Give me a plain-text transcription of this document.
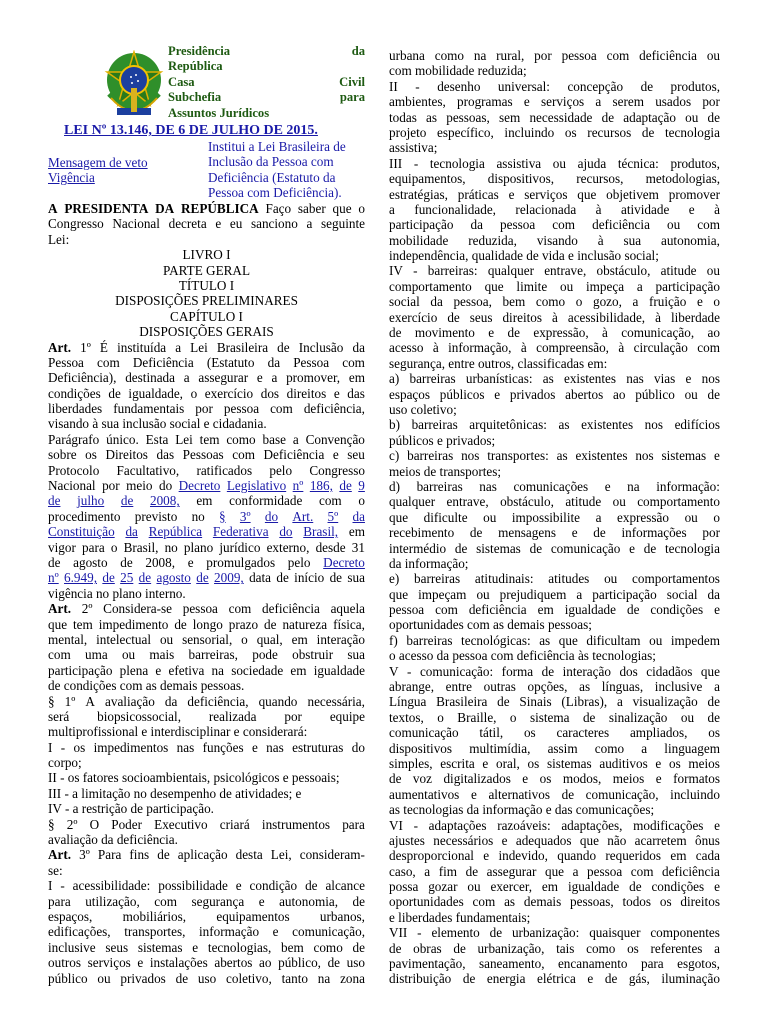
Presidência	da
República
Casa	Civil
Subchefia	para
Assuntos Jurídicos
LEI Nº 13.146, DE 6 DE JULHO DE 2015.
Institui a Lei Brasileira de
Inclusão da Pessoa com
Deficiência (Estatuto da
Pessoa com Deficiência).
Mensagem de veto
Vigência
A PRESIDENTA DA REPÚBLICA Faço saber que o
Congresso Nacional decreta e eu sanciono a seguinte
Lei:
LIVRO I
PARTE GERAL
TÍTULO I
DISPOSIÇÕES PRELIMINARES
CAPÍTULO I
DISPOSIÇÕES GERAIS
Art. 1º É instituída a Lei Brasileira de Inclusão da
Pessoa com Deficiência (Estatuto da Pessoa com
Deficiência), destinada a assegurar e a promover, em
condições de igualdade, o exercício dos direitos e das
liberdades fundamentais por pessoa com deficiência,
visando à sua inclusão social e cidadania.
Parágrafo único. Esta Lei tem como base a Convenção
sobre os Direitos das Pessoas com Deficiência e seu
Protocolo Facultativo, ratificados pelo Congresso
Nacional por meio do Decreto Legislativo nº 186, de 9
de julho de 2008, em conformidade com o
procedimento previsto no § 3º do Art. 5º da
Constituição da República Federativa do Brasil, em
vigor para o Brasil, no plano jurídico externo, desde 31
de agosto de 2008, e promulgados pelo Decreto
nº 6.949, de 25 de agosto de 2009, data de início de sua
vigência no plano interno.
Art. 2º Considera-se pessoa com deficiência aquela
que tem impedimento de longo prazo de natureza física,
mental, intelectual ou sensorial, o qual, em interação
com uma ou mais barreiras, pode obstruir sua
participação plena e efetiva na sociedade em igualdade
de condições com as demais pessoas.
§ 1º A avaliação da deficiência, quando necessária,
será biopsicossocial, realizada por equipe
multiprofissional e interdisciplinar e considerará:
I - os impedimentos nas funções e nas estruturas do
corpo;
II - os fatores socioambientais, psicológicos e pessoais;
III - a limitação no desempenho de atividades; e
IV - a restrição de participação.
§ 2º O Poder Executivo criará instrumentos para
avaliação da deficiência.
Art. 3º Para fins de aplicação desta Lei, consideram-
se:
I - acessibilidade: possibilidade e condição de alcance
para utilização, com segurança e autonomia, de
espaços, mobiliários, equipamentos urbanos,
edificações, transportes, informação e comunicação,
inclusive seus sistemas e tecnologias, bem como de
outros serviços e instalações abertos ao público, de uso
público ou privados de uso coletivo, tanto na zona
urbana como na rural, por pessoa com deficiência ou
com mobilidade reduzida;
II - desenho universal: concepção de produtos,
ambientes, programas e serviços a serem usados por
todas as pessoas, sem necessidade de adaptação ou de
projeto específico, incluindo os recursos de tecnologia
assistiva;
III - tecnologia assistiva ou ajuda técnica: produtos,
equipamentos, dispositivos, recursos, metodologias,
estratégias, práticas e serviços que objetivem promover
a funcionalidade, relacionada à atividade e à
participação da pessoa com deficiência ou com
mobilidade reduzida, visando à sua autonomia,
independência, qualidade de vida e inclusão social;
IV - barreiras: qualquer entrave, obstáculo, atitude ou
comportamento que limite ou impeça a participação
social da pessoa, bem como o gozo, a fruição e o
exercício de seus direitos à acessibilidade, à liberdade
de movimento e de expressão, à comunicação, ao
acesso à informação, à compreensão, à circulação com
segurança, entre outros, classificadas em:
a) barreiras urbanísticas: as existentes nas vias e nos
espaços públicos e privados abertos ao público ou de
uso coletivo;
b) barreiras arquitetônicas: as existentes nos edifícios
públicos e privados;
c) barreiras nos transportes: as existentes nos sistemas e
meios de transportes;
d) barreiras nas comunicações e na informação:
qualquer entrave, obstáculo, atitude ou comportamento
que dificulte ou impossibilite a expressão ou o
recebimento de mensagens e de informações por
intermédio de sistemas de comunicação e de tecnologia
da informação;
e) barreiras atitudinais: atitudes ou comportamentos
que impeçam ou prejudiquem a participação social da
pessoa com deficiência em igualdade de condições e
oportunidades com as demais pessoas;
f) barreiras tecnológicas: as que dificultam ou impedem
o acesso da pessoa com deficiência às tecnologias;
V - comunicação: forma de interação dos cidadãos que
abrange, entre outras opções, as línguas, inclusive a
Língua Brasileira de Sinais (Libras), a visualização de
textos, o Braille, o sistema de sinalização ou de
comunicação tátil, os caracteres ampliados, os
dispositivos multimídia, assim como a linguagem
simples, escrita e oral, os sistemas auditivos e os meios
de voz digitalizados e os modos, meios e formatos
aumentativos e alternativos de comunicação, incluindo
as tecnologias da informação e das comunicações;
VI - adaptações razoáveis: adaptações, modificações e
ajustes necessários e adequados que não acarretem ônus
desproporcional e indevido, quando requeridos em cada
caso, a fim de assegurar que a pessoa com deficiência
possa gozar ou exercer, em igualdade de condições e
oportunidades com as demais pessoas, todos os direitos
e liberdades fundamentais;
VII - elemento de urbanização: quaisquer componentes
de obras de urbanização, tais como os referentes a
pavimentação, saneamento, encanamento para esgotos,
distribuição de energia elétrica e de gás, iluminação
